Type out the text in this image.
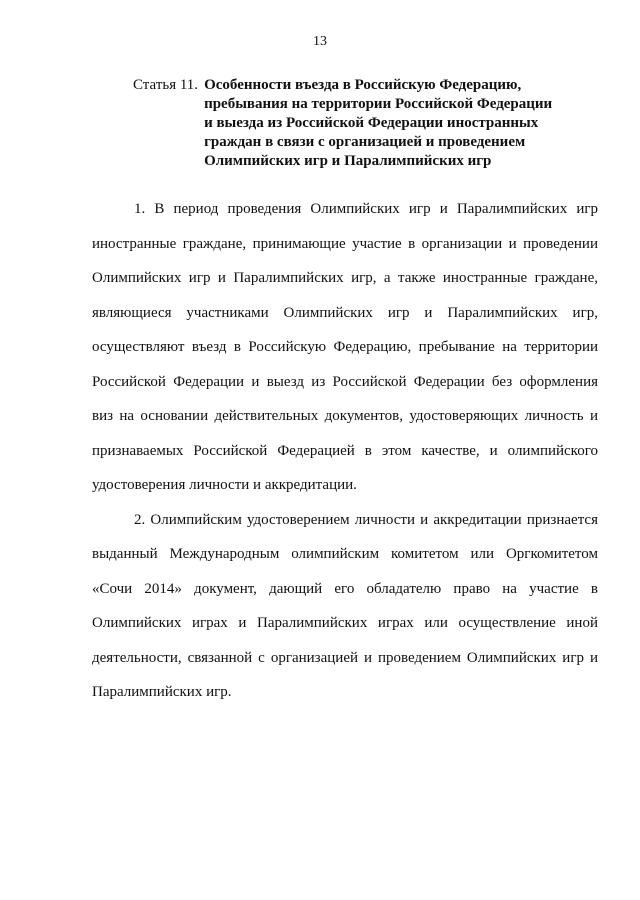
13
Статья 11. Особенности въезда в Российскую Федерацию,
пребывания на территории Российской Федерации
и выезда из Российской Федерации иностранных
граждан в связи с организацией и проведением
Олимпийских игр и Паралимпийских игр
1. В период проведения Олимпийских игр и Паралимпийских игр
иностранные граждане, принимающие участие в организации и проведении
Олимпийских игр и Паралимпийских игр, а также иностранные граждане,
являющиеся участниками Олимпийских игр и Паралимпийских игр,
осуществляют въезд в Российскую Федерацию, пребывание на территории
Российской Федерации и выезд из Российской Федерации без оформления
виз на основании действительных документов, удостоверяющих личность и
признаваемых Российской Федерацией в этом качестве, и олимпийского
удостоверения личности и аккредитации.
2. Олимпийским удостоверением личности и аккредитации признается
выданный Международным олимпийским комитетом или Оргкомитетом
«Сочи 2014» документ, дающий его обладателю право на участие в
Олимпийских играх и Паралимпийских играх или осуществление иной
деятельности, связанной с организацией и проведением Олимпийских игр и
Паралимпийских игр.
